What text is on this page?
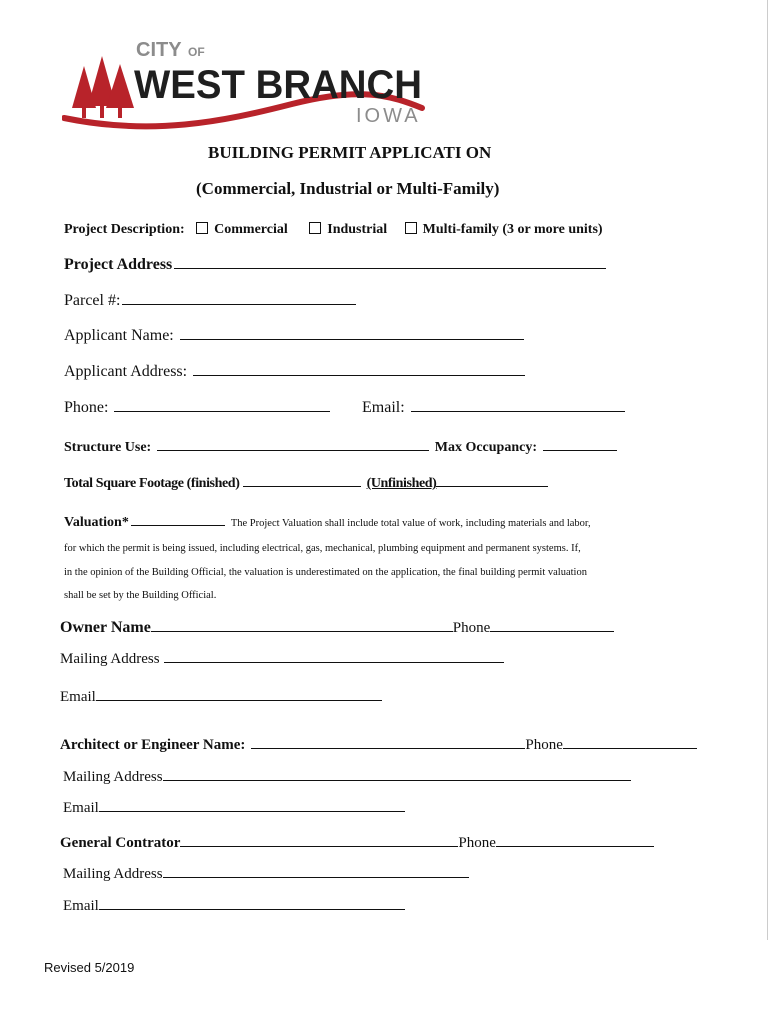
CITY OF
WEST BRANCH
IOWA
BUILDING PERMIT APPLICATI ON
(Commercial, Industrial or Multi-Family)
Project Description: Commercial	Industrial	Multi-family (3 or more units)
Project Address
Parcel #:
Applicant Name:
Applicant Address:
Phone:	Email:
Structure Use:	Max Occupancy:
Total Square Footage (finished)	(Unfinished)
Valuation*	The Project Valuation shall include total value of work, including materials and labor,
for which the permit is being issued, including electrical, gas, mechanical, plumbing equipment and permanent systems. If,
in the opinion of the Building Official, the valuation is underestimated on the application, the final building permit valuation
shall be set by the Building Official.
Owner Name	Phone
Mailing Address
Email
Architect or Engineer Name:	Phone
Mailing Address
Email
General Contrator	Phone
Mailing Address
Email
Revised 5/2019
